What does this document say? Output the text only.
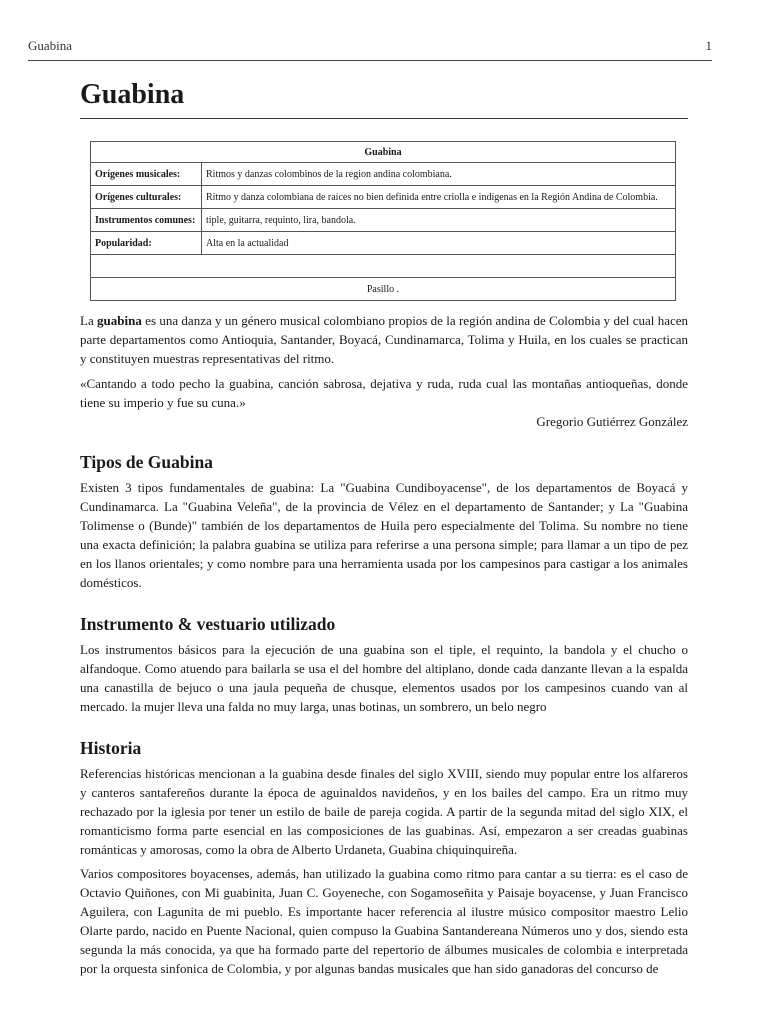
Guabina	1
Guabina
Guabina	
Orígenes musicales:	Ritmos y danzas colombinos de la region andina colombiana.
Orígenes culturales:	Ritmo y danza colombiana de raíces no bien definida entre criolla e indígenas en la Región Andina de Colombia.
Instrumentos comunes:	tiple, guitarra, requinto, lira, bandola.
Popularidad:	Alta en la actualidad

Pasillo .	

La guabina es una danza y un género musical colombiano propios de la región andina de Colombia y del cual hacen parte departamentos como Antioquia, Santander, Boyacá, Cundinamarca, Tolima y Huila, en los cuales se practican y constituyen muestras representativas del ritmo.

«Cantando a todo pecho la guabina, canción sabrosa, dejativa y ruda, ruda cual las montañas antioqueñas, donde tiene su imperio y fue su cuna.»

Gregorio Gutiérrez González

Tipos de Guabina

Existen 3 tipos fundamentales de guabina: La "Guabina Cundiboyacense", de los departamentos de Boyacá y Cundinamarca. La "Guabina Veleña", de la provincia de Vélez en el departamento de Santander; y La "Guabina Tolimense o (Bunde)" también de los departamentos de Huila pero especialmente del Tolima. Su nombre no tiene una exacta definición; la palabra guabina se utiliza para referirse a una persona simple; para llamar a un tipo de pez en los llanos orientales; y como nombre para una herramienta usada por los campesinos para castigar a los animales domésticos.

Instrumento & vestuario utilizado

Los instrumentos básicos para la ejecución de una guabina son el tiple, el requinto, la bandola y el chucho o alfandoque. Como atuendo para bailarla se usa el del hombre del altiplano, donde cada danzante llevan a la espalda una canastilla de bejuco o una jaula pequeña de chusque, elementos usados por los campesinos cuando van al mercado. la mujer lleva una falda no muy larga, unas botinas, un sombrero, un belo negro

Historia

Referencias históricas mencionan a la guabina desde finales del siglo XVIII, siendo muy popular entre los alfareros y canteros santafereños durante la época de aguinaldos navideños, y en los bailes del campo. Era un ritmo muy rechazado por la iglesia por tener un estilo de baile de pareja cogida. A partir de la segunda mitad del siglo XIX, el romanticismo forma parte esencial en las composiciones de las guabinas. Así, empezaron a ser creadas guabinas románticas y amorosas, como la obra de Alberto Urdaneta, Guabina chiquinquireña.

Varios compositores boyacenses, además, han utilizado la guabina como ritmo para cantar a su tierra: es el caso de Octavio Quiñones, con Mi guabinita, Juan C. Goyeneche, con Sogamoseñita y Paisaje boyacense, y Juan Francisco Aguilera, con Lagunita de mi pueblo. Es importante hacer referencia al ilustre músico compositor maestro Lelio Olarte pardo, nacido en Puente Nacional, quien compuso la Guabina Santandereana Números uno y dos, siendo esta segunda la más conocida, ya que ha formado parte del repertorio de álbumes musicales de colombia e interpretada por la orquesta sinfonica de Colombia, y por algunas bandas musicales que han sido ganadoras del concurso de
